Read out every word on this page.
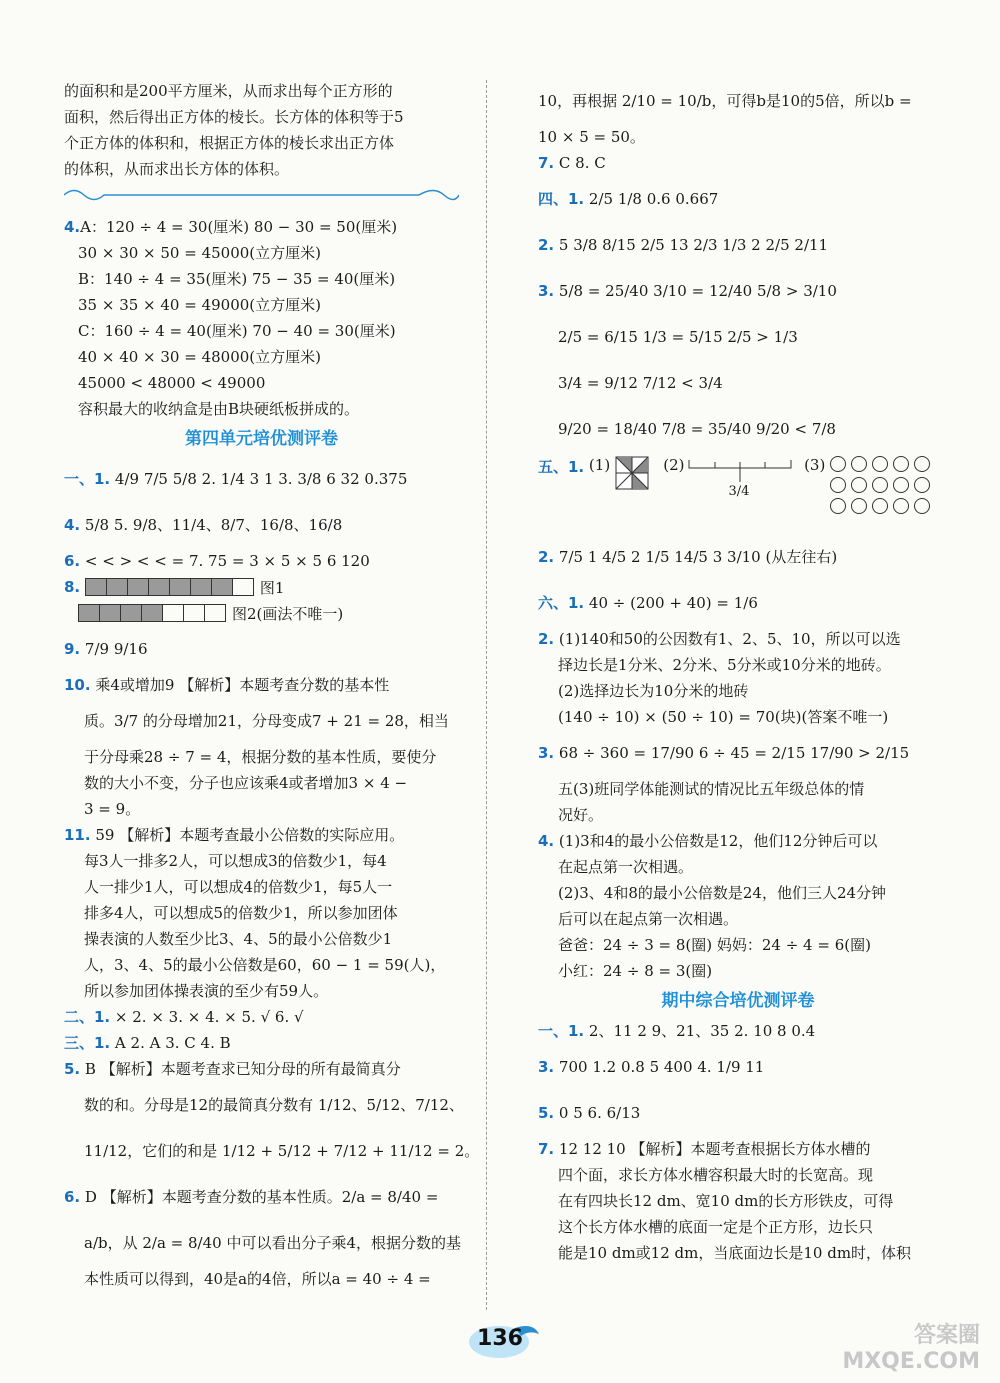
的面积和是200平方厘米，从而求出每个正方形的
面积，然后得出正方体的棱长。长方体的体积等于5
个正方体的体积和，根据正方体的棱长求出正方体
的体积，从而求出长方体的体积。
4.A：120 ÷ 4 = 30(厘米) 80 − 30 = 50(厘米)
30 × 30 × 50 = 45000(立方厘米)
B：140 ÷ 4 = 35(厘米) 75 − 35 = 40(厘米)
35 × 35 × 40 = 49000(立方厘米)
C：160 ÷ 4 = 40(厘米) 70 − 40 = 30(厘米)
40 × 40 × 30 = 48000(立方厘米)
45000 < 48000 < 49000
容积最大的收纳盒是由B块硬纸板拼成的。
第四单元培优测评卷
一、1. 4/9 7/5 5/8 2. 1/4 3 1 3. 3/8 6 32 0.375
4. 5/8 5. 9/8、11/4、8/7、16/8、16/8
6. < < > < < = 7. 75 = 3 × 5 × 5 6 120
8.
	图1
图2(画法不唯一)
9. 7/9 9/16
10. 乘4或增加9 【解析】本题考查分数的基本性
质。3/7 的分母增加21，分母变成7 + 21 = 28，相当
于分母乘28 ÷ 7 = 4，根据分数的基本性质，要使分
数的大小不变，分子也应该乘4或者增加3 × 4 −
3 = 9。
11. 59 【解析】本题考查最小公倍数的实际应用。
每3人一排多2人，可以想成3的倍数少1，每4
人一排少1人，可以想成4的倍数少1，每5人一
排多4人，可以想成5的倍数少1，所以参加团体
操表演的人数至少比3、4、5的最小公倍数少1
人，3、4、5的最小公倍数是60，60 − 1 = 59(人)，
所以参加团体操表演的至少有59人。
二、1. × 2. × 3. × 4. × 5. √ 6. √
三、1. A 2. A 3. C 4. B
5. B 【解析】本题考查求已知分母的所有最简真分
数的和。分母是12的最简真分数有 1/12、5/12、7/12、
11/12，它们的和是 1/12 + 5/12 + 7/12 + 11/12 = 2。
6. D 【解析】本题考查分数的基本性质。2/a = 8/40 =
a/b，从 2/a = 8/40 中可以看出分子乘4，根据分数的基
本性质可以得到，40是a的4倍，所以a = 40 ÷ 4 =
10，再根据 2/10 = 10/b，可得b是10的5倍，所以b =
10 × 5 = 50。
7. C 8. C
四、1. 2/5 1/8 0.6 0.667
2. 5 3/8 8/15 2/5 13 2/3 1/3 2 2/5 2/11
3. 5/8 = 25/40 3/10 = 12/40 5/8 > 3/10
2/5 = 6/15 1/3 = 5/15 2/5 > 1/3
3/4 = 9/12 7/12 < 3/4
9/20 = 18/40 7/8 = 35/40 9/20 < 7/8
五、1.
(1)

	(2)
3/4

(3)

2. 7/5 1 4/5 2 1/5 14/5 3 3/10 (从左往右)
六、1. 40 ÷ (200 + 40) = 1/6
2. (1)140和50的公因数有1、2、5、10，所以可以选
择边长是1分米、2分米、5分米或10分米的地砖。
(2)选择边长为10分米的地砖
(140 ÷ 10) × (50 ÷ 10) = 70(块)(答案不唯一)
3. 68 ÷ 360 = 17/90 6 ÷ 45 = 2/15 17/90 > 2/15
五(3)班同学体能测试的情况比五年级总体的情
况好。
4. (1)3和4的最小公倍数是12，他们12分钟后可以
在起点第一次相遇。
(2)3、4和8的最小公倍数是24，他们三人24分钟
后可以在起点第一次相遇。
爸爸：24 ÷ 3 = 8(圈) 妈妈：24 ÷ 4 = 6(圈)
小红：24 ÷ 8 = 3(圈)
期中综合培优测评卷
一、1. 2、11 2 9、21、35 2. 10 8 0.4
3. 700 1.2 0.8 5 400 4. 1/9 11
5. 0 5 6. 6/13
7. 12 12 10 【解析】本题考查根据长方体水槽的
四个面，求长方体水槽容积最大时的长宽高。现
在有四块长12 dm、宽10 dm的长方形铁皮，可得
这个长方体水槽的底面一定是个正方形，边长只
能是10 dm或12 dm，当底面边长是10 dm时，体积
136	答案圈
MXQE.COM
